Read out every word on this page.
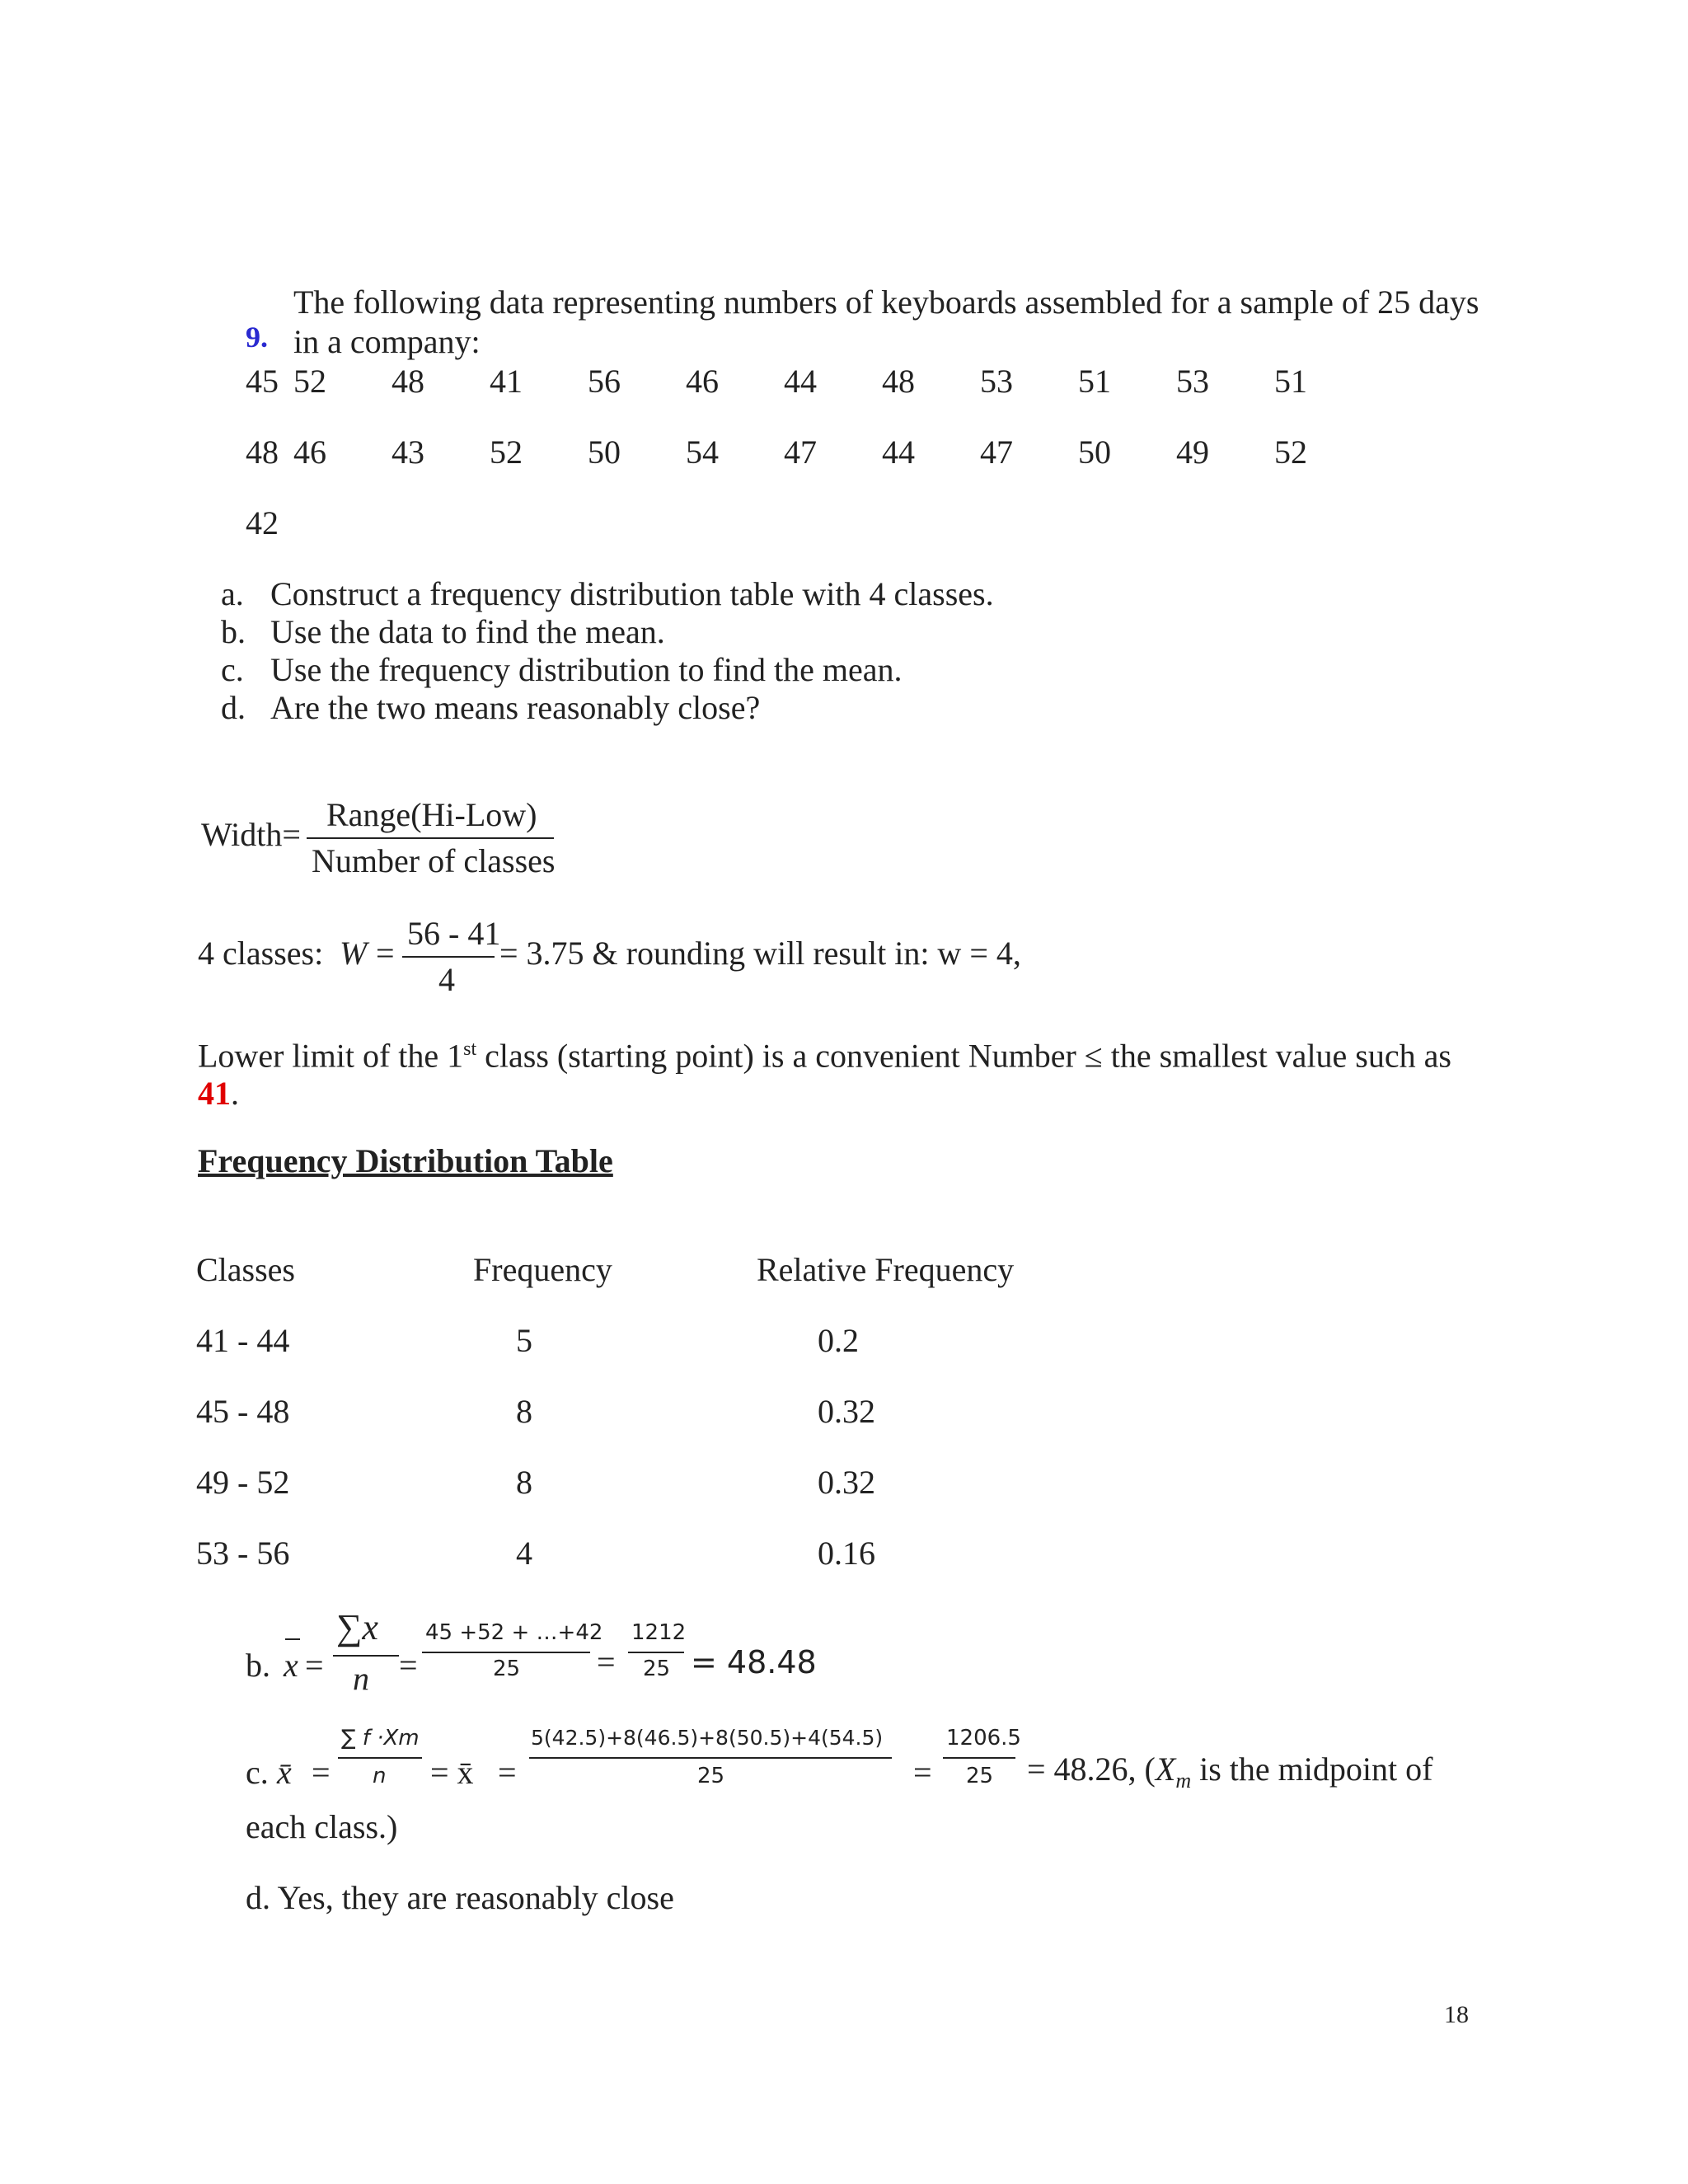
The following data representing numbers of keyboards assembled for a sample of 25 days
9. in a company:
45 52 48 41 56 46 44 48 53 51 53 51
48 46 43 52 50 54 47 44 47 50 49 52
42
a. Construct a frequency distribution table with 4 classes.
b. Use the data to find the mean.
c. Use the frequency distribution to find the mean.
d. Are the two means reasonably close?
Width=
Range(Hi-Low)
Number of classes
4 classes: W =
56 - 41
4
= 3.75 & rounding will result in: w = 4,
Lower limit of the 1st class (starting point) is a convenient Number ≤ the smallest value such as
41.
Frequency Distribution Table
Classes	Frequency	Relative Frequency
41 - 44	5	0.2
45 - 48	8	0.32
49 - 52	8	0.32
53 - 56	4	0.16
b. x =
∑x
n =
45 +52 + …+42
25 =
1212
25 = 48.48
c. x̄ =
∑ f ·Xm
n = x̄ =
5(42.5)+8(46.5)+8(50.5)+4(54.5)
25	=
1206.5
25 = 48.26, ($X_m$ is the midpoint of
each class.)
d. Yes, they are reasonably close
18
